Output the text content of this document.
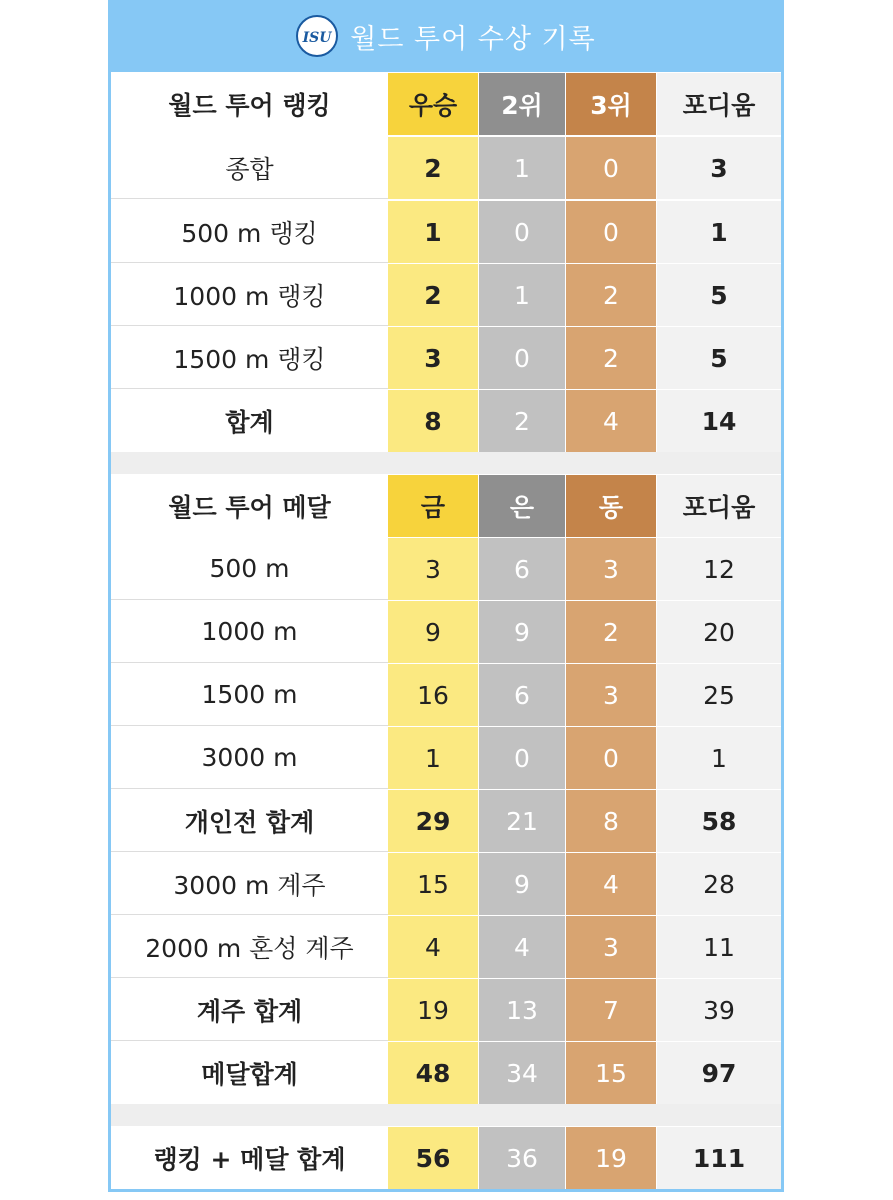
ISU 월드 투어 수상 기록
월드 투어 랭킹	우승	2위	3위	포디움
종합	2	1	0	3
500 m 랭킹	1	0	0	1
1000 m 랭킹	2	1	2	5
1500 m 랭킹	3	0	2	5
합계	8	2	4	14
월드 투어 메달	금	은	동	포디움
500 m	3	6	3	12
1000 m	9	9	2	20
1500 m	16	6	3	25
3000 m	1	0	0	1
개인전 합계	29	21	8	58
3000 m 계주	15	9	4	28
2000 m 혼성 계주	4	4	3	11
계주 합계	19	13	7	39
메달합계	48	34	15	97
랭킹 + 메달 합계	56	36	19	111
